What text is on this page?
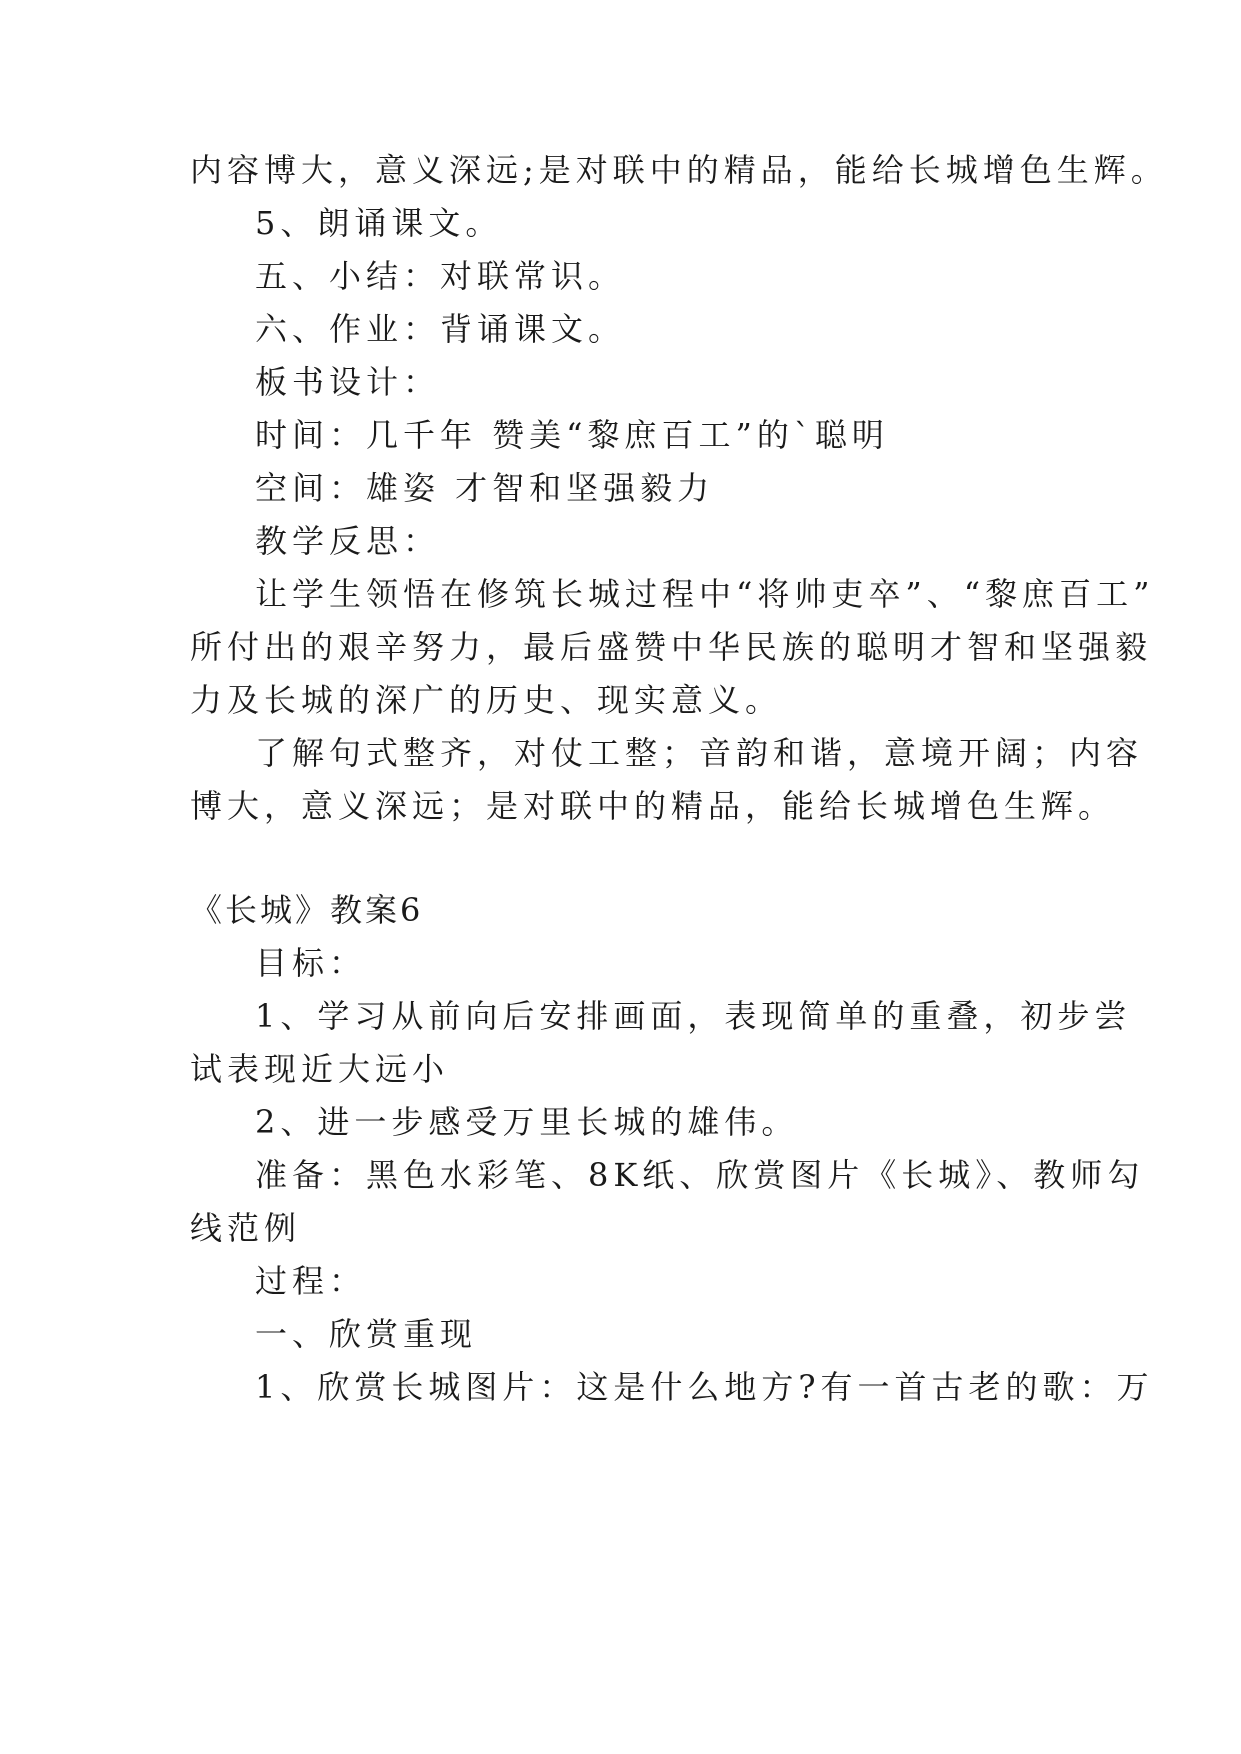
内容博大，意义深远;是对联中的精品，能给长城增色生辉。
5、朗诵课文。
五、小结：对联常识。
六、作业：背诵课文。
板书设计：
时间：几千年 赞美“黎庶百工”的`聪明
空间：雄姿 才智和坚强毅力
教学反思：
让学生领悟在修筑长城过程中“将帅吏卒”、“黎庶百工”
所付出的艰辛努力，最后盛赞中华民族的聪明才智和坚强毅
力及长城的深广的历史、现实意义。
了解句式整齐，对仗工整；音韵和谐，意境开阔；内容
博大，意义深远；是对联中的精品，能给长城增色生辉。
《长城》教案6
目标：
1、学习从前向后安排画面，表现简单的重叠，初步尝
试表现近大远小
2、进一步感受万里长城的雄伟。
准备：黑色水彩笔、8K纸、欣赏图片《长城》、教师勾
线范例
过程：
一、欣赏重现
1、欣赏长城图片：这是什么地方?有一首古老的歌：万
